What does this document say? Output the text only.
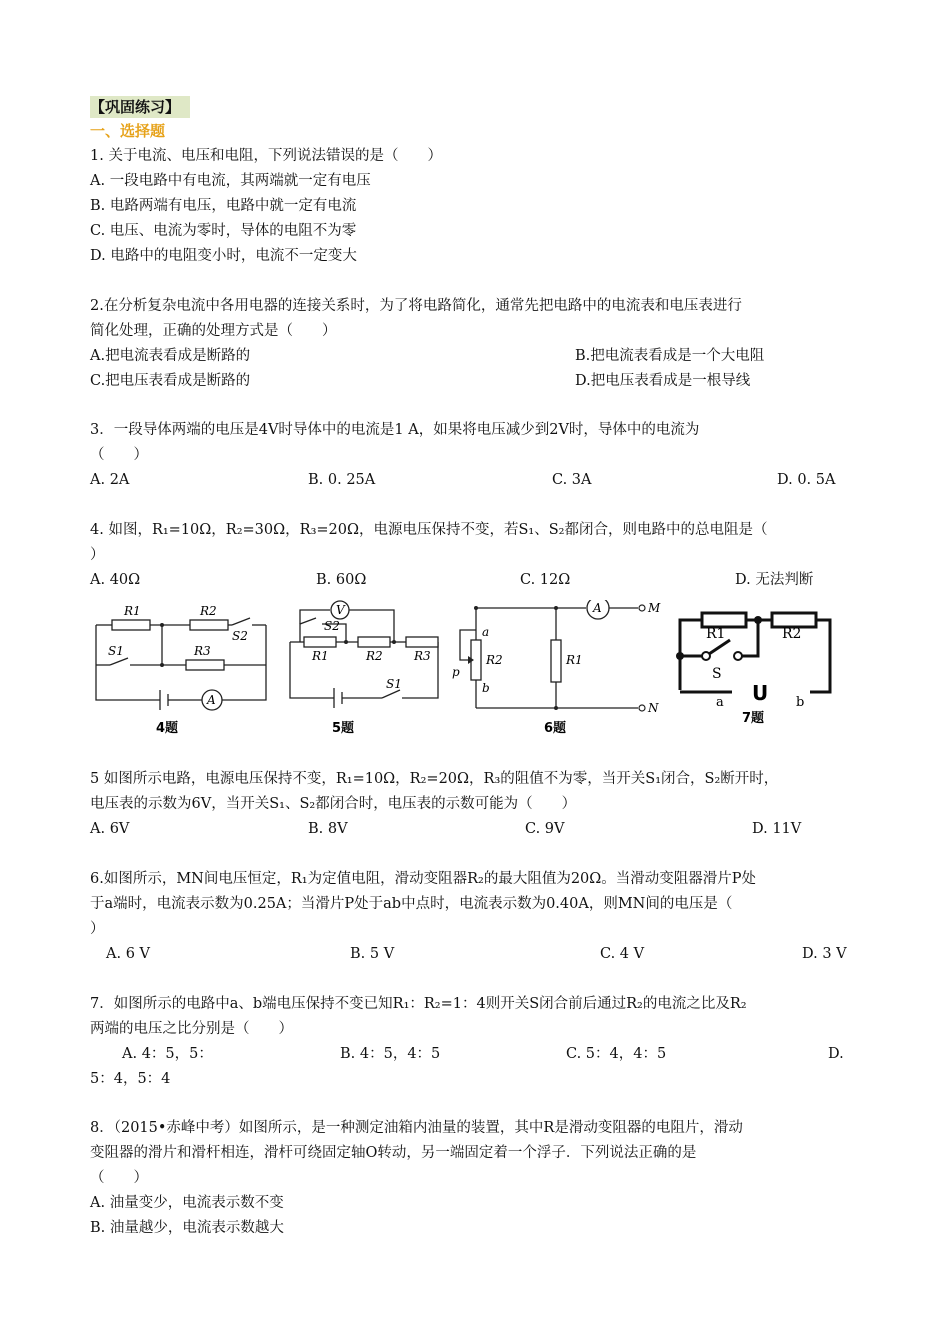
【巩固练习】
一、选择题
1. 关于电流、电压和电阻，下列说法错误的是（　　）
A. 一段电路中有电流，其两端就一定有电压
B. 电路两端有电压，电路中就一定有电流
C. 电压、电流为零时，导体的电阻不为零
D. 电路中的电阻变小时，电流不一定变大
2.在分析复杂电流中各用电器的连接关系时，为了将电路简化，通常先把电路中的电流表和电压表进行
简化处理，正确的处理方式是（　　）
A.把电流表看成是断路的	B.把电流表看成是一个大电阻
C.把电压表看成是断路的	D.把电压表看成是一根导线
3．一段导体两端的电压是4V时导体中的电流是1 A，如果将电压减少到2V时，导体中的电流为
（　　）
A. 2A	B. 0. 25A	C. 3A	D. 0. 5A
4. 如图，R₁=10Ω，R₂=30Ω，R₃=20Ω，电源电压保持不变，若S₁、S₂都闭合，则电路中的总电阻是（
）
A. 40Ω	B. 60Ω	C. 12Ω	D. 无法判断
R1	R2
S2
S1	R3
A
4题
S2
V
R1	R2	R3
S1
5题
a
p
R2
b
R1
A	M
N
6题
R1	R2
S
U
a	b
7题
5 如图所示电路，电源电压保持不变，R₁=10Ω，R₂=20Ω，R₃的阻值不为零，当开关S₁闭合，S₂断开时，
电压表的示数为6V，当开关S₁、S₂都闭合时，电压表的示数可能为（　　）
A. 6V	B. 8V	C. 9V	D. 11V
6.如图所示，MN间电压恒定，R₁为定值电阻，滑动变阻器R₂的最大阻值为20Ω。当滑动变阻器滑片P处
于a端时，电流表示数为0.25A；当滑片P处于ab中点时，电流表示数为0.40A，则MN间的电压是（
）
A. 6 V	B. 5 V	C. 4 V	D. 3 V
7．如图所示的电路中a、b端电压保持不变已知R₁：R₂=1：4则开关S闭合前后通过R₂的电流之比及R₂
两端的电压之比分别是（　　）
A. 4：5，5：	B. 4：5，4：5	C. 5：4，4：5	D.
5：4，5：4
8．（2015•赤峰中考）如图所示，是一种测定油箱内油量的装置，其中R是滑动变阻器的电阻片，滑动
变阻器的滑片和滑杆相连，滑杆可绕固定轴O转动，另一端固定着一个浮子．下列说法正确的是
（　　）
A. 油量变少，电流表示数不变
B. 油量越少，电流表示数越大
